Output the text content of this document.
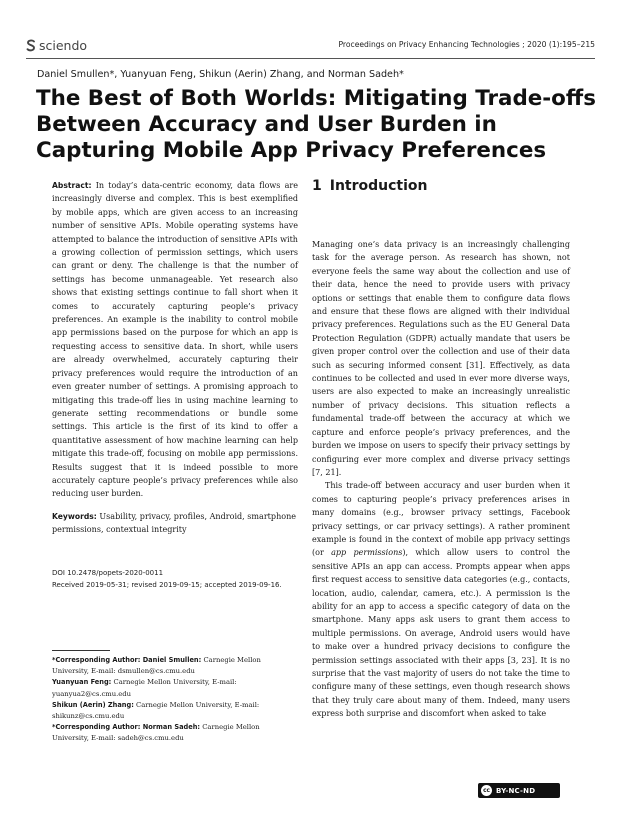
sciendo	Proceedings on Privacy Enhancing Technologies ; 2020 (1):195–215
Daniel Smullen*, Yuanyuan Feng, Shikun (Aerin) Zhang, and Norman Sadeh*
The Best of Both Worlds: Mitigating Trade-offs Between Accuracy and User Burden in Capturing Mobile App Privacy Preferences

Abstract: In today’s data-centric economy, data flows are increasingly diverse and complex. This is best exemplified by mobile apps, which are given access to an increasing number of sensitive APIs. Mobile operating systems have attempted to balance the introduction of sensitive APIs with a growing collection of permission settings, which users can grant or deny. The challenge is that the number of settings has become unmanageable. Yet research also shows that existing settings continue to fall short when it comes to accurately capturing people’s privacy preferences. An example is the inability to control mobile app permissions based on the purpose for which an app is requesting access to sensitive data. In short, while users are already overwhelmed, accurately capturing their privacy preferences would require the introduction of an even greater number of settings. A promising approach to mitigating this trade-off lies in using machine learning to generate setting recommendations or bundle some settings. This article is the first of its kind to offer a quantitative assessment of how machine learning can help mitigate this trade-off, focusing on mobile app permissions. Results suggest that it is indeed possible to more accurately capture people’s privacy preferences while also reducing user burden.

Keywords: Usability, privacy, profiles, Android, smartphone permissions, contextual integrity
DOI 10.2478/popets-2020-0011
Received 2019-05-31; revised 2019-09-15; accepted 2019-09-16.

*Corresponding Author: Daniel Smullen: Carnegie Mellon University, E-mail: dsmullen@cs.cmu.edu

Yuanyuan Feng: Carnegie Mellon University, E-mail: yuanyua2@cs.cmu.edu

Shikun (Aerin) Zhang: Carnegie Mellon University, E-mail: shikunz@cs.cmu.edu

*Corresponding Author: Norman Sadeh: Carnegie Mellon University, E-mail: sadeh@cs.cmu.edu

1 Introduction

Managing one’s data privacy is an increasingly challenging task for the average person. As research has shown, not everyone feels the same way about the collection and use of their data, hence the need to provide users with privacy options or settings that enable them to configure data flows and ensure that these flows are aligned with their individual privacy preferences. Regulations such as the EU General Data Protection Regulation (GDPR) actually mandate that users be given proper control over the collection and use of their data such as securing informed consent [31]. Effectively, as data continues to be collected and used in ever more diverse ways, users are also expected to make an increasingly unrealistic number of privacy decisions. This situation reflects a fundamental trade-off between the accuracy at which we capture and enforce people’s privacy preferences, and the burden we impose on users to specify their privacy settings by configuring ever more complex and diverse privacy settings [7, 21].

This trade-off between accuracy and user burden when it comes to capturing people’s privacy preferences arises in many domains (e.g., browser privacy settings, Facebook privacy settings, or car privacy settings). A rather prominent example is found in the context of mobile app privacy settings (or app permissions), which allow users to control the sensitive APIs an app can access. Prompts appear when apps first request access to sensitive data categories (e.g., contacts, location, audio, calendar, camera, etc.). A permission is the ability for an app to access a specific category of data on the smartphone. Many apps ask users to grant them access to multiple permissions. On average, Android users would have to make over a hundred privacy decisions to configure the permission settings associated with their apps [3, 23]. It is no surprise that the vast majority of users do not take the time to configure many of these settings, even though research shows that they truly care about many of them. Indeed, many users express both surprise and discomfort when asked to take

cc BY-NC-ND
